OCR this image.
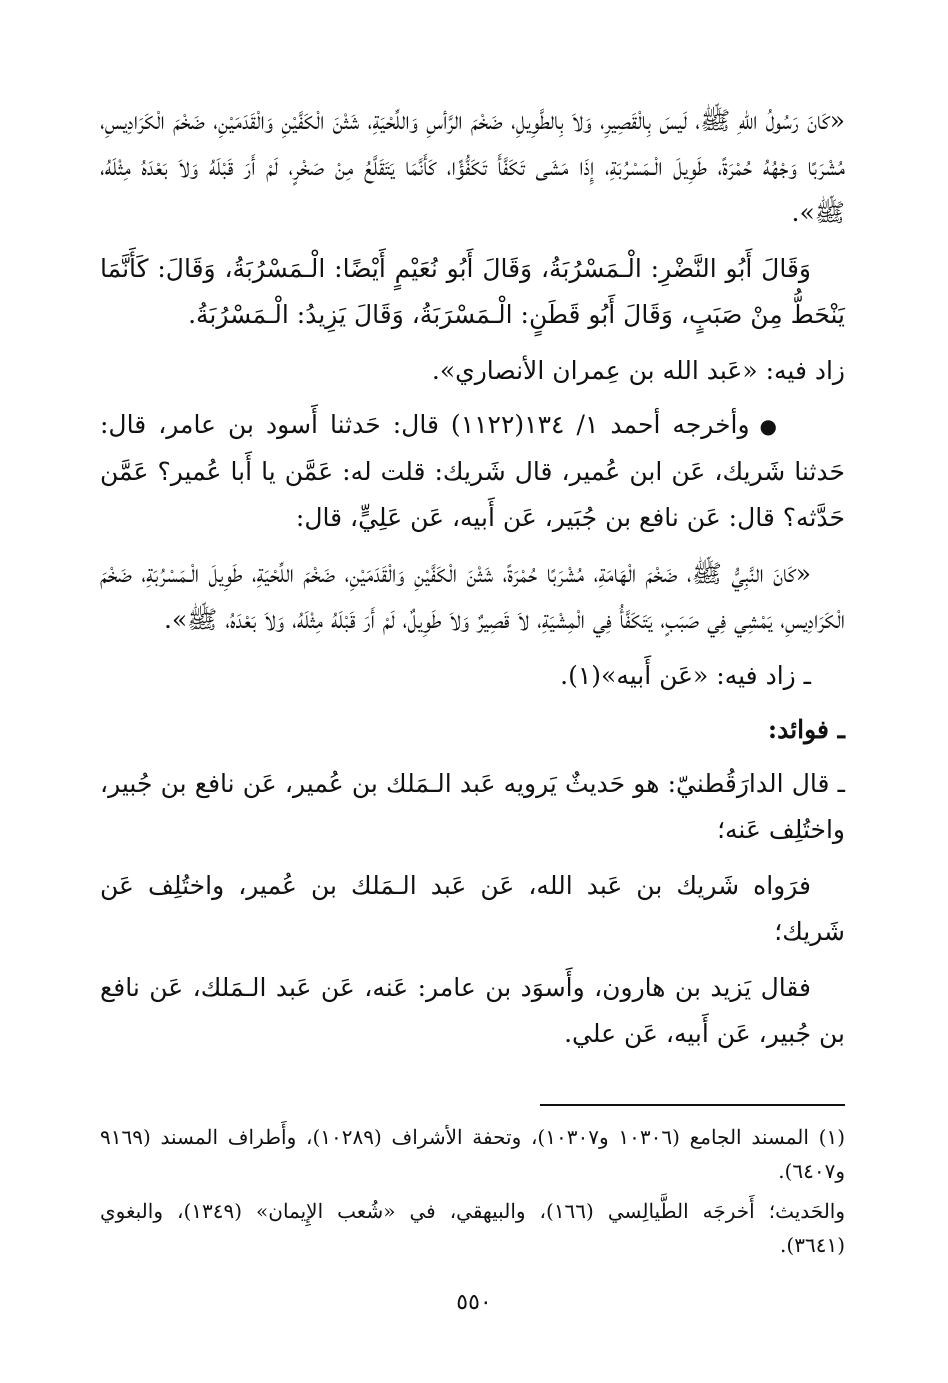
«كَانَ رَسُولُ اللهِ ﷺ، لَيسَ بِالْقَصِيرِ، وَلاَ بِالطَّوِيلِ، ضَخْمَ الرَّأسِ وَاللِّحْيَةِ، شَثْنَ الْكَفَّيْنِ وَالْقَدَمَيْنِ، ضَخْمَ الْكَرَادِيسِ، مُشْرَبًا وَجْهُهُ حُمْرَةً، طَوِيلَ الْـمَسْرُبَةِ، إِذَا مَشَى تَكَفَّأَ تَكَفُّؤًا، كَأَنَّمَا يَتَقَلَّعُ مِنْ صَخْرٍ، لَمْ أَرَ قَبْلَهُ وَلاَ بَعْدَهُ مِثْلَهُ، ﷺ».

وَقَالَ أَبُو النَّضْرِ: الْـمَسْرُبَةُ، وَقَالَ أَبُو نُعَيْمٍ أَيْضًا: الْـمَسْرُبَةُ، وَقَالَ: كَأَنَّمَا يَنْحَطُّ مِنْ صَبَبٍ، وَقَالَ أَبُو قَطَنٍ: الْـمَسْرَبَةُ، وَقَالَ يَزِيدُ: الْـمَسْرُبَةُ.

زاد فيه: «عَبد الله بن عِمران الأنصاري».

●وأخرجه أحمد ١/ ١٣٤(١١٢٢) قال: حَدثنا أَسود بن عامر، قال: حَدثنا شَريك، عَن ابن عُمير، قال شَريك: قلت له: عَمَّن يا أَبا عُمير؟ عَمَّن حَدَّثه؟ قال: عَن نافع بن جُبَير، عَن أَبيه، عَن عَلِيٍّ، قال:

«كَانَ النَّبِيُّ ﷺ، ضَخْمَ الْهَامَةِ، مُشْرَبًا حُمْرَةً، شَثْنَ الْكَفَّيْنِ وَالْقَدَمَيْنِ، ضَخْمَ اللِّحْيَةِ، طَوِيلَ الْـمَسْرُبَةِ، ضَخْمَ الْكَرَادِيسِ، يَمْشِي فِي صَبَبٍ، يَتَكَفَّأُ فِي الْمِشْيَةِ، لاَ قَصِيرٌ وَلاَ طَوِيلٌ، لَمْ أَرَ قَبْلَهُ مِثْلَهُ، وَلاَ بَعْدَهُ، ﷺ».

ـ زاد فيه: «عَن أَبيه»(١).

ـ فوائد:

ـ قال الدارَقُطنيّ: هو حَديثٌ يَرويه عَبد الـمَلك بن عُمير، عَن نافع بن جُبير، واختُلِف عَنه؛

فرَواه شَريك بن عَبد الله، عَن عَبد الـمَلك بن عُمير، واختُلِف عَن شَريك؛

فقال يَزيد بن هارون، وأَسوَد بن عامر: عَنه، عَن عَبد الـمَلك، عَن نافع بن جُبير، عَن أَبيه، عَن علي.

(١) المسند الجامع (١٠٣٠٦ و١٠٣٠٧)، وتحفة الأشراف (١٠٢٨٩)، وأَطراف المسند (٩١٦٩ و٦٤٠٧).

والحَديث؛ أَخرجَه الطَّيالِسي (١٦٦)، والبيهقي، في «شُعب الإِيمان» (١٣٤٩)، والبغوي (٣٦٤١).

٥٥٠
